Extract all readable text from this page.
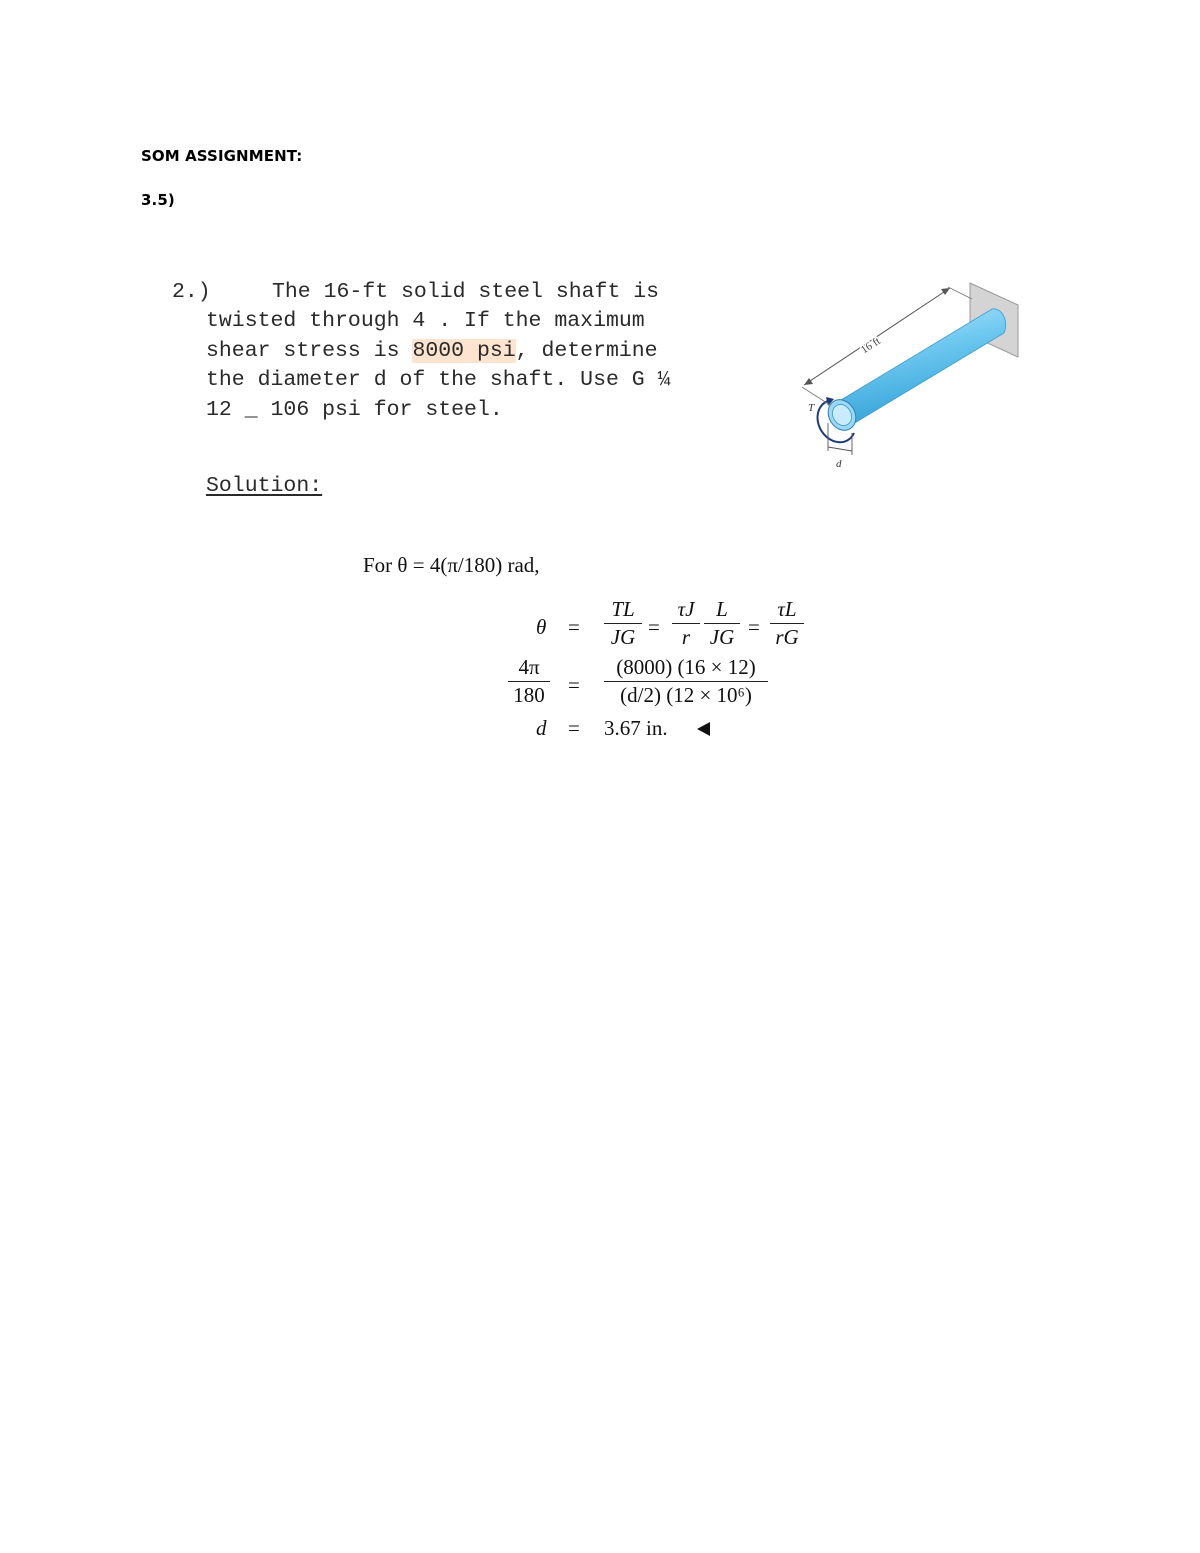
SOM ASSIGNMENT:
3.5)
2.)	The 16-ft solid steel shaft is
twisted through 4 . If the maximum
shear stress is 8000 psi, determine
the diameter d of the shaft. Use G ¼
12 _ 106 psi for steel.
Solution:
T
16 ft
d
For θ = 4(π/180) rad,
θ =
TL
JG =
τJ
r
L
JG =
τL
rG
4π
180 =
(8000) (16 × 12)
(d/2) (12 × 10⁶)
d = 3.67 in.
